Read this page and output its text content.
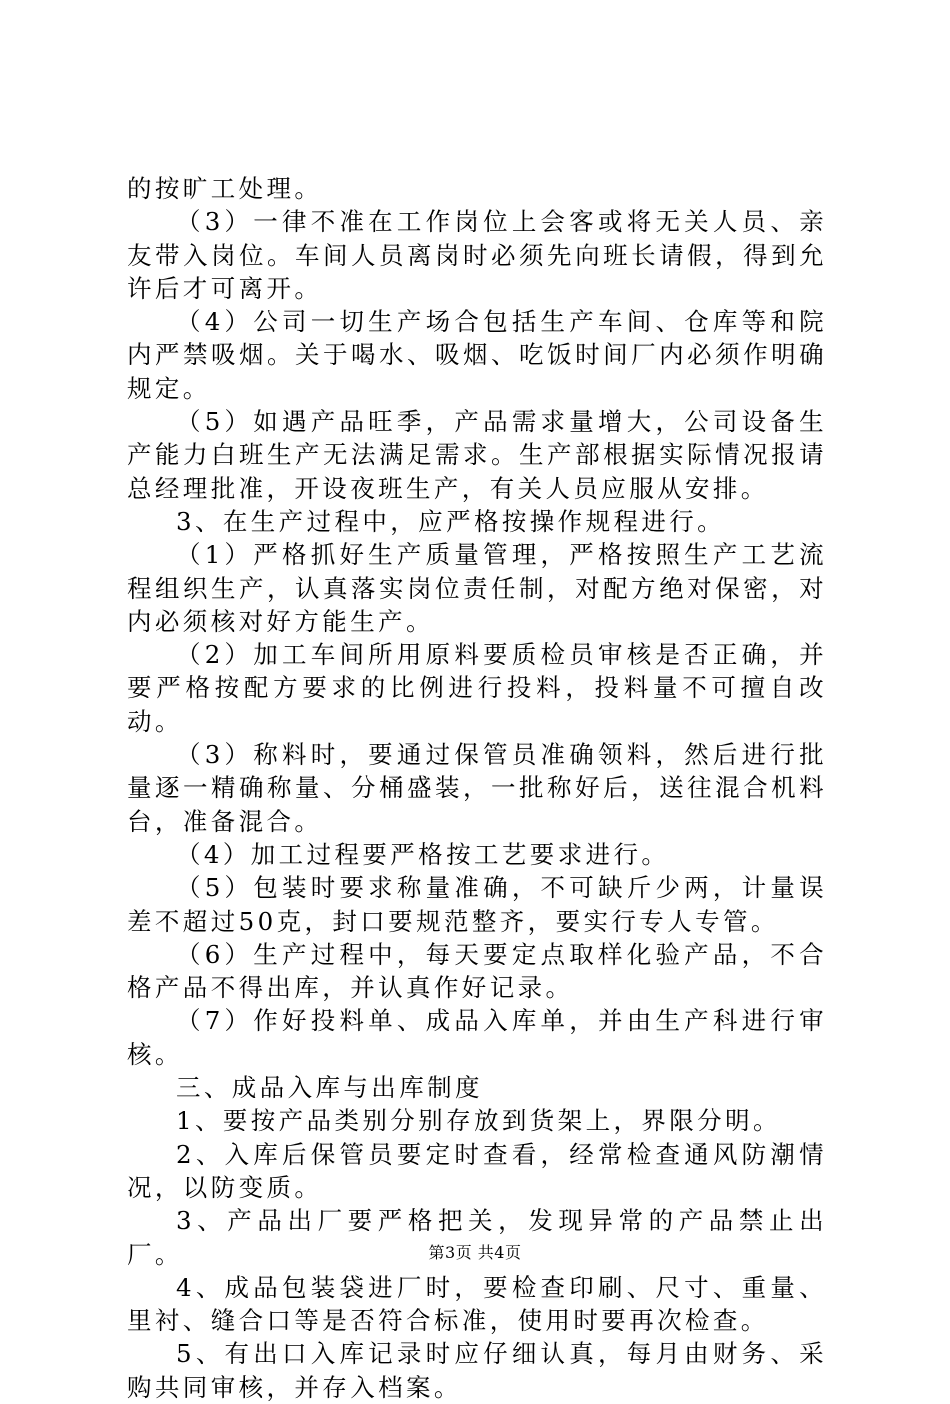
的按旷工处理。

（3）一律不准在工作岗位上会客或将无关人员、亲友带入岗位。车间人员离岗时必须先向班长请假，得到允许后才可离开。

（4）公司一切生产场合包括生产车间、仓库等和院内严禁吸烟。关于喝水、吸烟、吃饭时间厂内必须作明确规定。

（5）如遇产品旺季，产品需求量增大，公司设备生产能力白班生产无法满足需求。生产部根据实际情况报请总经理批准，开设夜班生产，有关人员应服从安排。

3、在生产过程中，应严格按操作规程进行。

（1）严格抓好生产质量管理，严格按照生产工艺流程组织生产，认真落实岗位责任制，对配方绝对保密，对内必须核对好方能生产。

（2）加工车间所用原料要质检员审核是否正确，并要严格按配方要求的比例进行投料，投料量不可擅自改动。

（3）称料时，要通过保管员准确领料，然后进行批量逐一精确称量、分桶盛装，一批称好后，送往混合机料台，准备混合。

（4）加工过程要严格按工艺要求进行。

（5）包装时要求称量准确，不可缺斤少两，计量误差不超过50克，封口要规范整齐，要实行专人专管。

（6）生产过程中，每天要定点取样化验产品，不合格产品不得出库，并认真作好记录。

（7）作好投料单、成品入库单，并由生产科进行审核。

三、成品入库与出库制度

1、要按产品类别分别存放到货架上，界限分明。

2、入库后保管员要定时查看，经常检查通风防潮情况，以防变质。

3、产品出厂要严格把关，发现异常的产品禁止出厂。

4、成品包装袋进厂时，要检查印刷、尺寸、重量、里衬、缝合口等是否符合标准，使用时要再次检查。

5、有出口入库记录时应仔细认真，每月由财务、采购共同审核，并存入档案。

第3页 共4页
